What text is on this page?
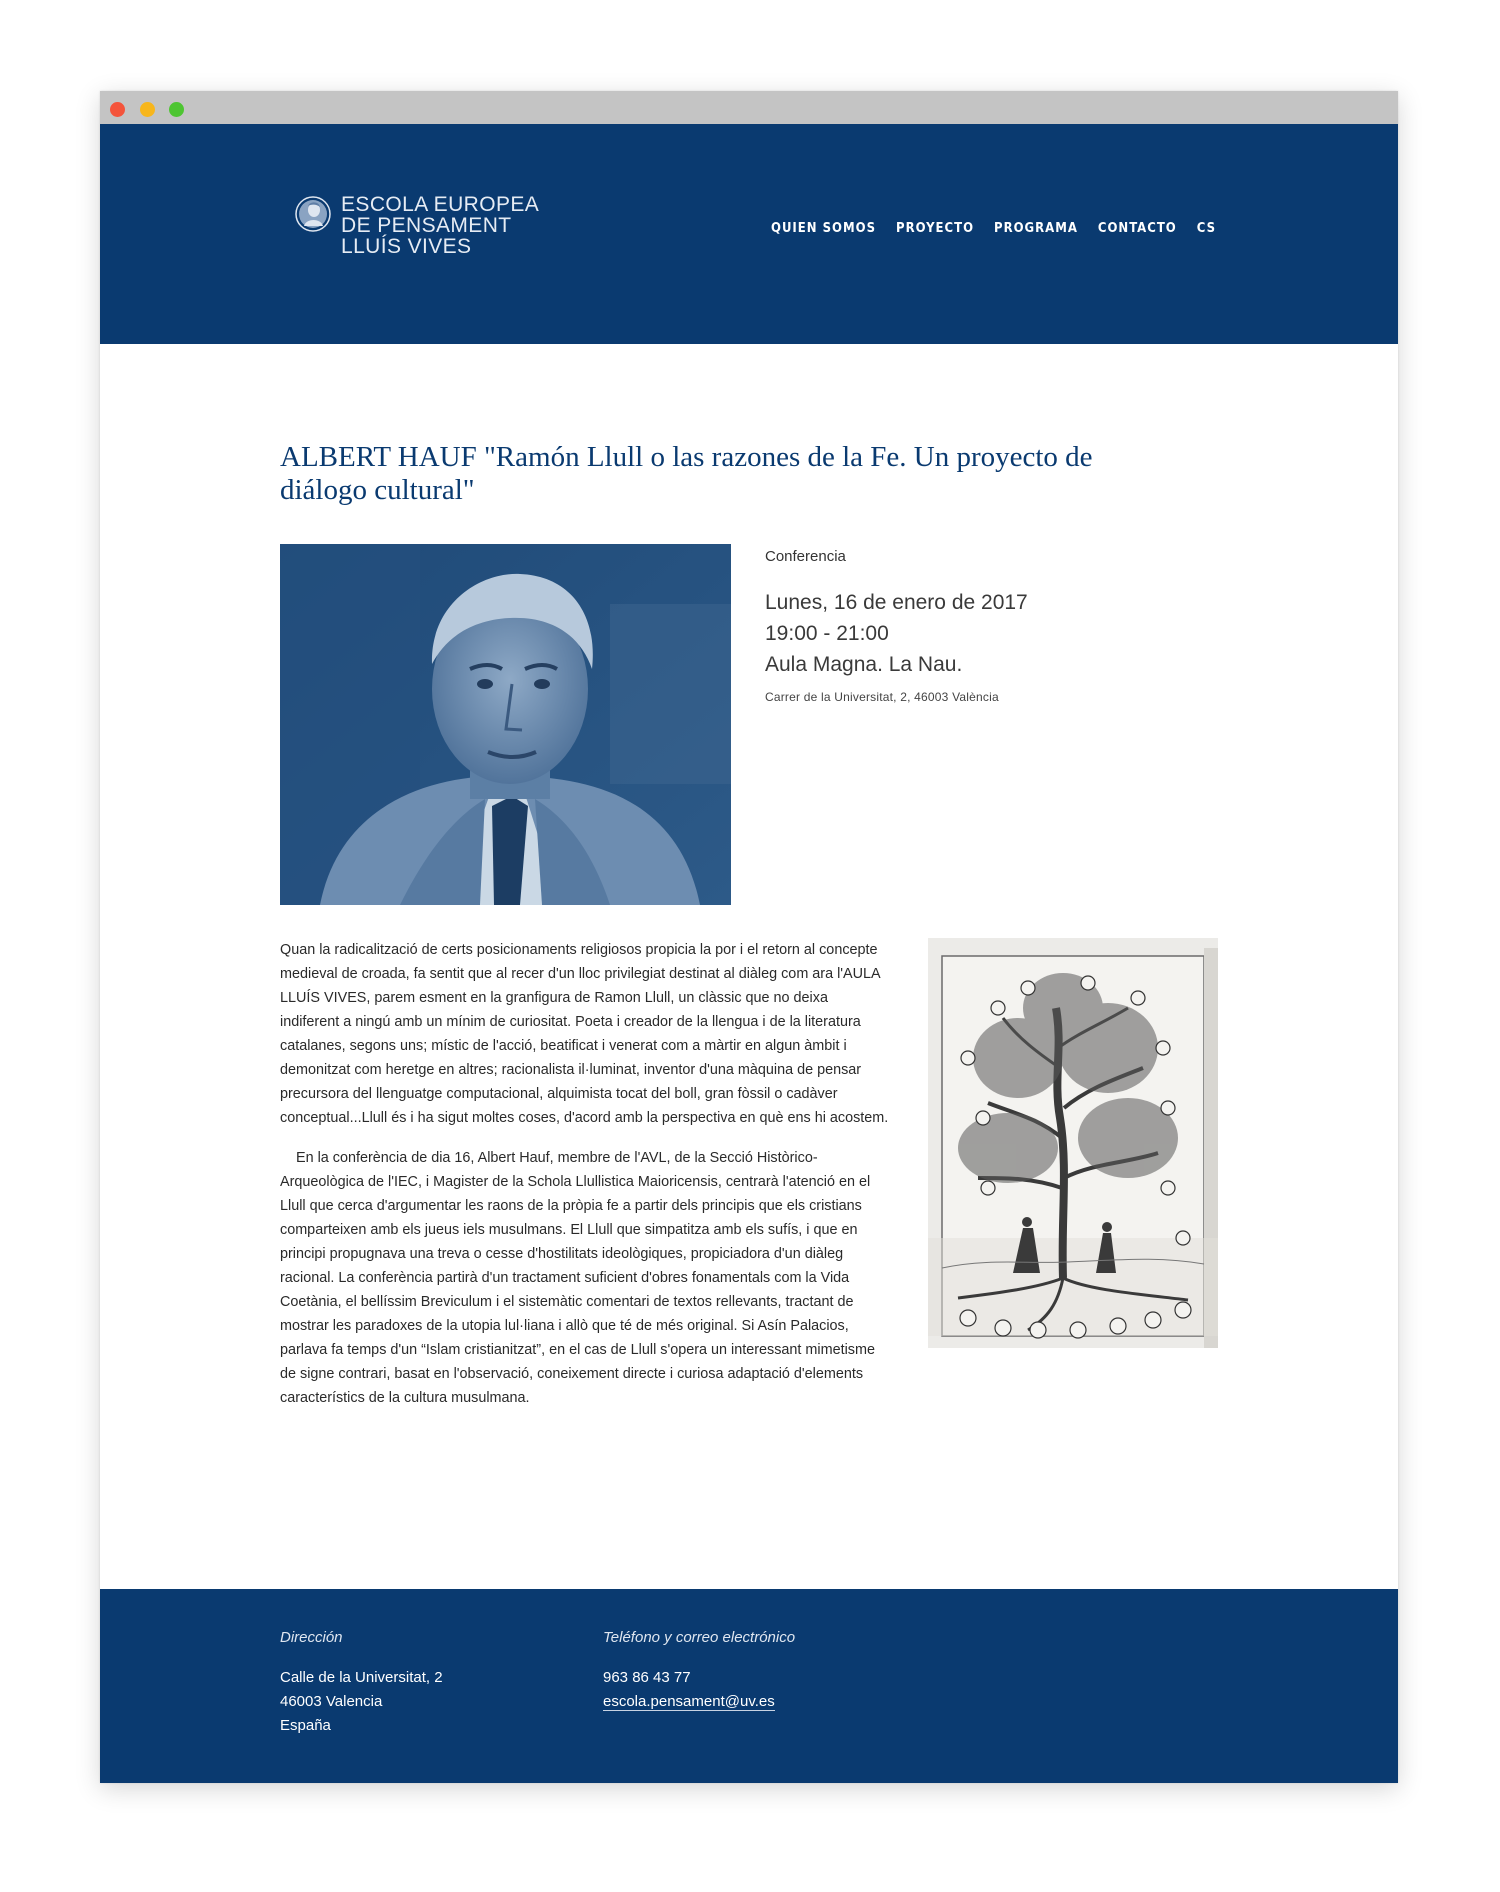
ESCOLA EUROPEA
DE PENSAMENT
LLUÍS VIVES
QUIEN SOMOS PROYECTO PROGRAMA CONTACTO CS
ALBERT HAUF "Ramón Llull o las razones de la Fe. Un proyecto de diálogo cultural"
Conferencia
Lunes, 16 de enero de 2017
19:00 - 21:00
Aula Magna. La Nau.
Carrer de la Universitat, 2, 46003 València

Quan la radicalització de certs posicionaments religiosos propicia la por i el retorn al concepte medieval de croada, fa sentit que al recer d'un lloc privilegiat destinat al diàleg com ara l'AULA LLUÍS VIVES, parem esment en la granfigura de Ramon Llull, un clàssic que no deixa indiferent a ningú amb un mínim de curiositat. Poeta i creador de la llengua i de la literatura catalanes, segons uns; místic de l'acció, beatificat i venerat com a màrtir en algun àmbit i demonitzat com heretge en altres; racionalista il·luminat, inventor d'una màquina de pensar precursora del llenguatge computacional, alquimista tocat del boll, gran fòssil o cadàver conceptual...Llull és i ha sigut moltes coses, d'acord amb la perspectiva en què ens hi acostem.

En la conferència de dia 16, Albert Hauf, membre de l'AVL, de la Secció Històrico-Arqueològica de l'IEC, i Magister de la Schola Llullistica Maioricensis, centrarà l'atenció en el Llull que cerca d'argumentar les raons de la pròpia fe a partir dels principis que els cristians comparteixen amb els jueus iels musulmans. El Llull que simpatitza amb els sufís, i que en principi propugnava una treva o cesse d'hostilitats ideològiques, propiciadora d'un diàleg racional. La conferència partirà d'un tractament suficient d'obres fonamentals com la Vida Coetània, el bellíssim Breviculum i el sistemàtic comentari de textos rellevants, tractant de mostrar les paradoxes de la utopia lul·liana i allò que té de més original. Si Asín Palacios, parlava fa temps d'un “Islam cristianitzat”, en el cas de Llull s'opera un interessant mimetisme de signe contrari, basat en l'observació, coneixement directe i curiosa adaptació d'elements característics de la cultura musulmana.

Dirección
Calle de la Universitat, 2
46003 Valencia
España
Teléfono y correo electrónico
963 86 43 77
escola.pensament@uv.es
